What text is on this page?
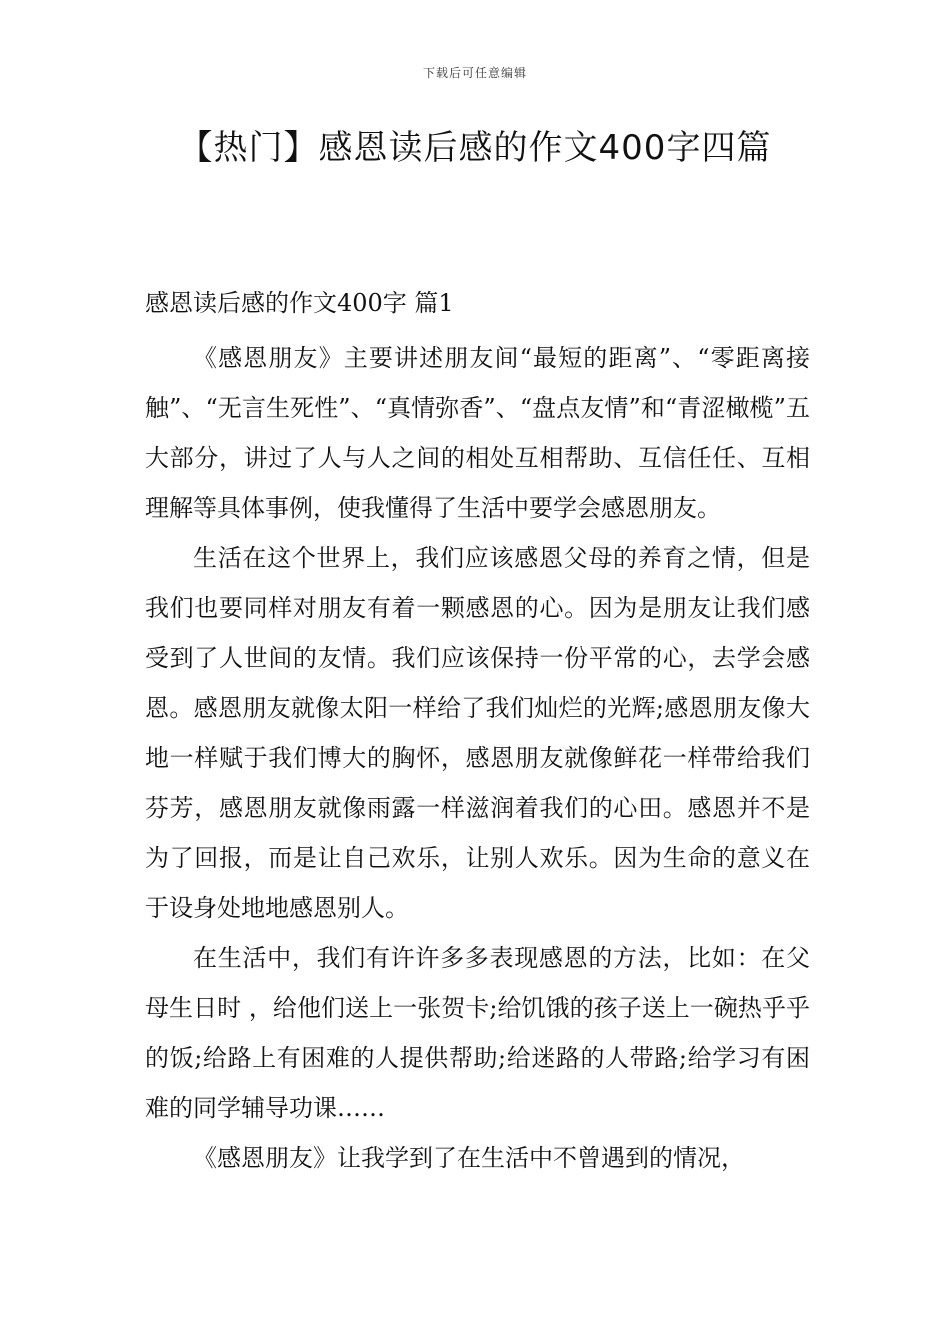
下载后可任意编辑
【热门】感恩读后感的作文400字四篇
感恩读后感的作文400字 篇1

《感恩朋友》主要讲述朋友间“最短的距离”、“零距离接触”、“无言生死性”、“真情弥香”、“盘点友情”和“青涩橄榄”五大部分，讲过了人与人之间的相处互相帮助、互信任任、互相理解等具体事例，使我懂得了生活中要学会感恩朋友。

生活在这个世界上，我们应该感恩父母的养育之情，但是我们也要同样对朋友有着一颗感恩的心。因为是朋友让我们感受到了人世间的友情。我们应该保持一份平常的心，去学会感恩。感恩朋友就像太阳一样给了我们灿烂的光辉;感恩朋友像大地一样赋于我们博大的胸怀，感恩朋友就像鲜花一样带给我们芬芳，感恩朋友就像雨露一样滋润着我们的心田。感恩并不是为了回报，而是让自己欢乐，让别人欢乐。因为生命的意义在于设身处地地感恩别人。

在生活中，我们有许许多多表现感恩的方法，比如：在父母生日时 ，给他们送上一张贺卡;给饥饿的孩子送上一碗热乎乎的饭;给路上有困难的人提供帮助;给迷路的人带路;给学习有困难的同学辅导功课……

《感恩朋友》让我学到了在生活中不曾遇到的情况，
